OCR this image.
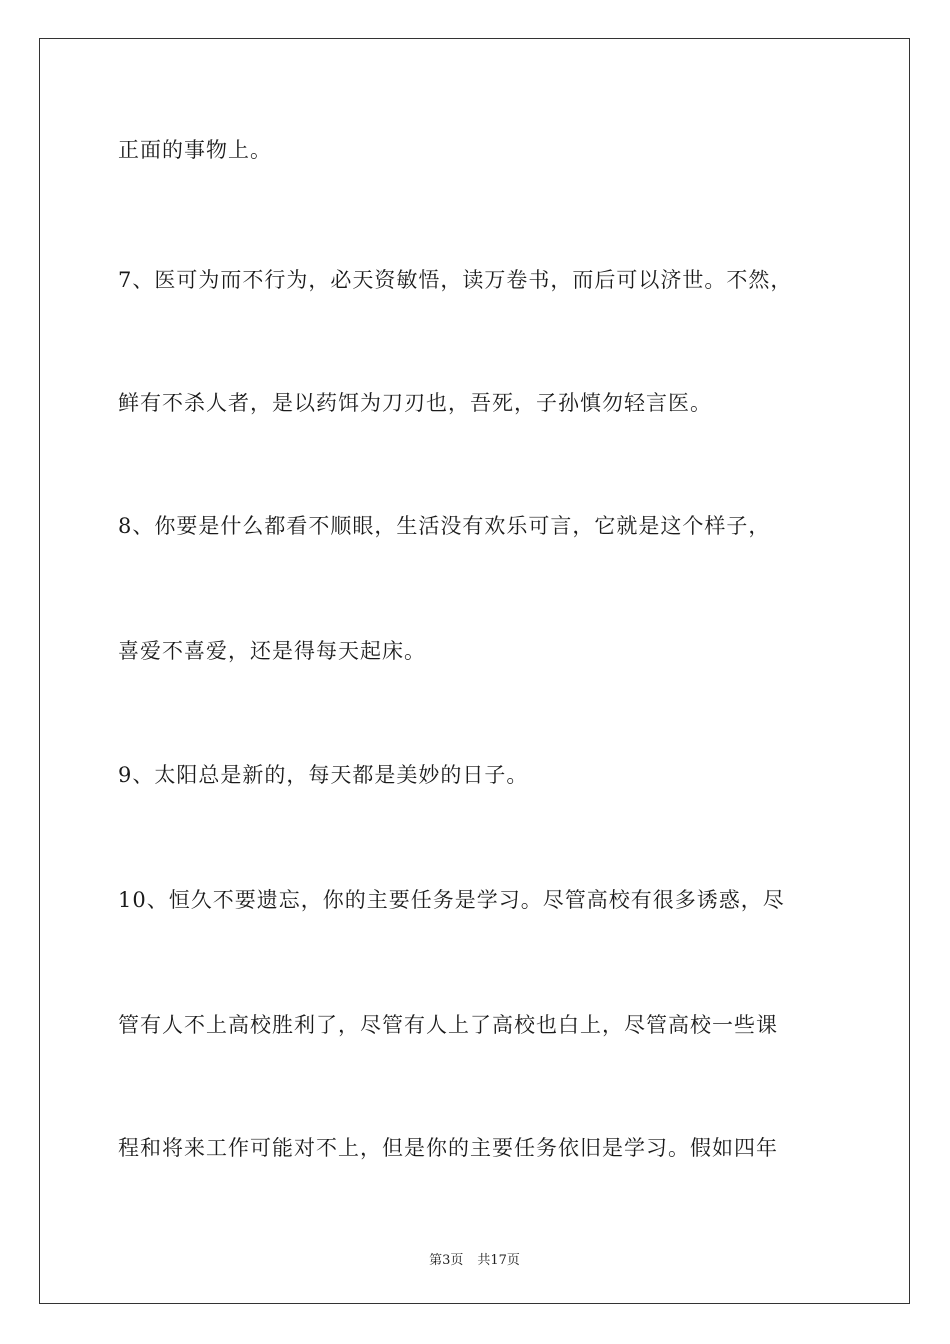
正面的事物上。
7、医可为而不行为，必天资敏悟，读万卷书，而后可以济世。不然，
鲜有不杀人者，是以药饵为刀刃也，吾死，子孙慎勿轻言医。
8、你要是什么都看不顺眼，生活没有欢乐可言，它就是这个样子，
喜爱不喜爱，还是得每天起床。
9、太阳总是新的，每天都是美妙的日子。
10、恒久不要遗忘，你的主要任务是学习。尽管高校有很多诱惑，尽
管有人不上高校胜利了，尽管有人上了高校也白上，尽管高校一些课
程和将来工作可能对不上，但是你的主要任务依旧是学习。假如四年
第3页 共17页
